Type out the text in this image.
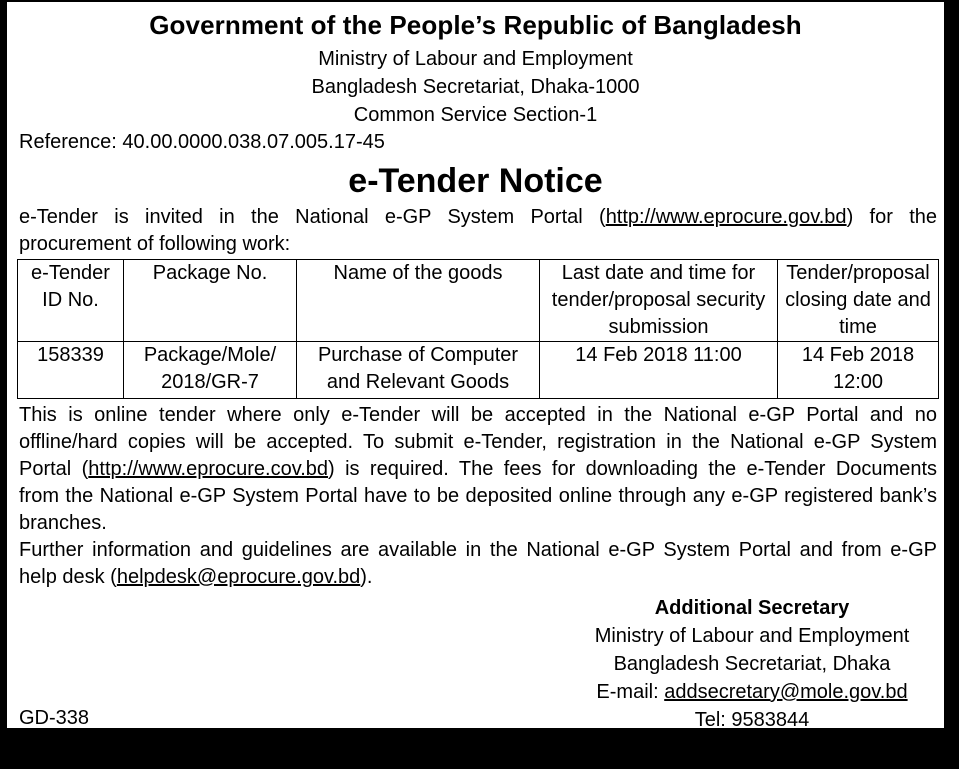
Government of the People’s Republic of Bangladesh
Ministry of Labour and Employment
Bangladesh Secretariat, Dhaka-1000
Common Service Section-1
Reference: 40.00.0000.038.07.005.17-45
e-Tender Notice
e-Tender is invited in the National e-GP System Portal (http://www.eprocure.gov.bd) for the
procurement of following work:
e-Tender ID No.	Package No.	Name of the goods	Last date and time for tender/proposal security submission	Tender/proposal closing date and time
158339	Package/Mole/ 2018/GR-7	Purchase of Computer and Relevant Goods	14 Feb 2018 11:00	14 Feb 2018 12:00
This is online tender where only e-Tender will be accepted in the National e-GP Portal and no
offline/hard copies will be accepted. To submit e-Tender, registration in the National e-GP System
Portal (http://www.eprocure.cov.bd) is required. The fees for downloading the e-Tender Documents
from the National e-GP System Portal have to be deposited online through any e-GP registered bank’s
branches.
Further information and guidelines are available in the National e-GP System Portal and from e-GP
help desk (helpdesk@eprocure.gov.bd).
Additional Secretary
Ministry of Labour and Employment
Bangladesh Secretariat, Dhaka
E-mail: addsecretary@mole.gov.bd
Tel: 9583844
GD-338
